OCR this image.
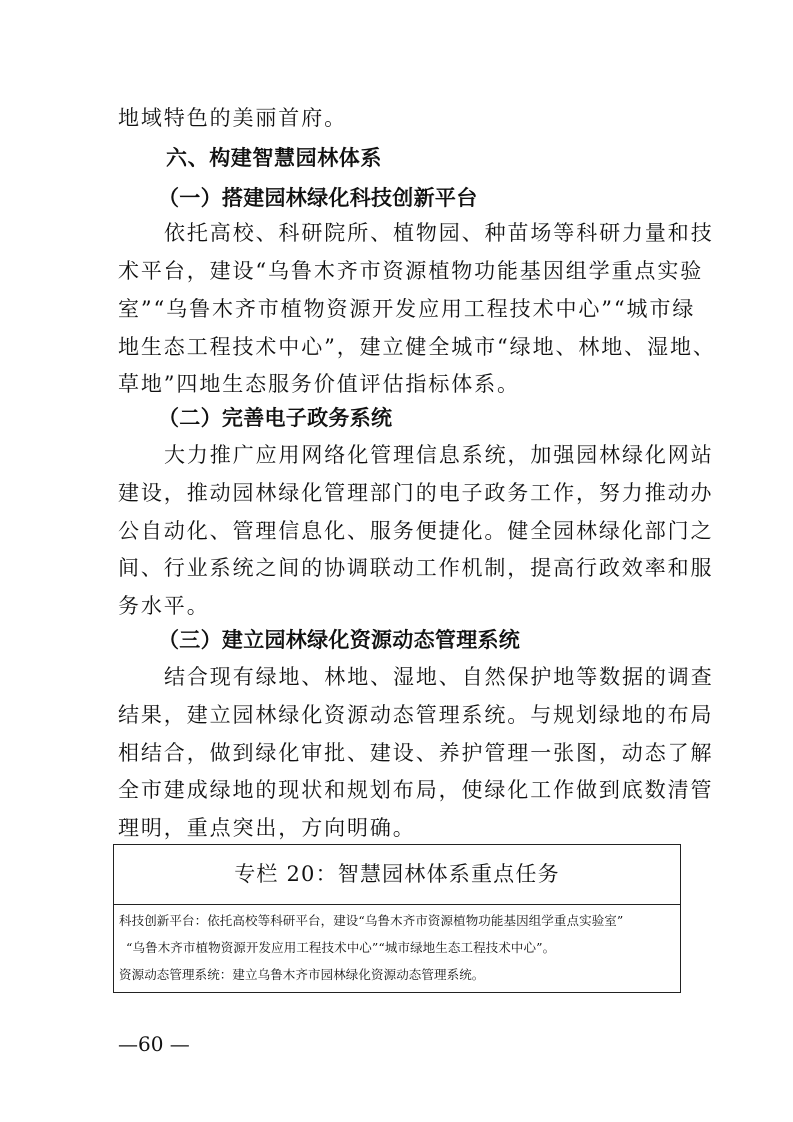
地域特色的美丽首府。

六、构建智慧园林体系

（一）搭建园林绿化科技创新平台

依托高校、科研院所、植物园、种苗场等科研力量和技

术平台，建设“乌鲁木齐市资源植物功能基因组学重点实验

室”“乌鲁木齐市植物资源开发应用工程技术中心”“城市绿

地生态工程技术中心”，建立健全城市“绿地、林地、湿地、

草地”四地生态服务价值评估指标体系。

（二）完善电子政务系统

大力推广应用网络化管理信息系统，加强园林绿化网站

建设，推动园林绿化管理部门的电子政务工作，努力推动办

公自动化、管理信息化、服务便捷化。健全园林绿化部门之

间、行业系统之间的协调联动工作机制，提高行政效率和服

务水平。

（三）建立园林绿化资源动态管理系统

结合现有绿地、林地、湿地、自然保护地等数据的调查

结果，建立园林绿化资源动态管理系统。与规划绿地的布局

相结合，做到绿化审批、建设、养护管理一张图，动态了解

全市建成绿地的现状和规划布局，使绿化工作做到底数清管

理明，重点突出，方向明确。

专栏 20：智慧园林体系重点任务
科技创新平台：依托高校等科研平台，建设“乌鲁木齐市资源植物功能基因组学重点实验室”
“乌鲁木齐市植物资源开发应用工程技术中心”“城市绿地生态工程技术中心”。
资源动态管理系统：建立乌鲁木齐市园林绿化资源动态管理系统。
—60 —
